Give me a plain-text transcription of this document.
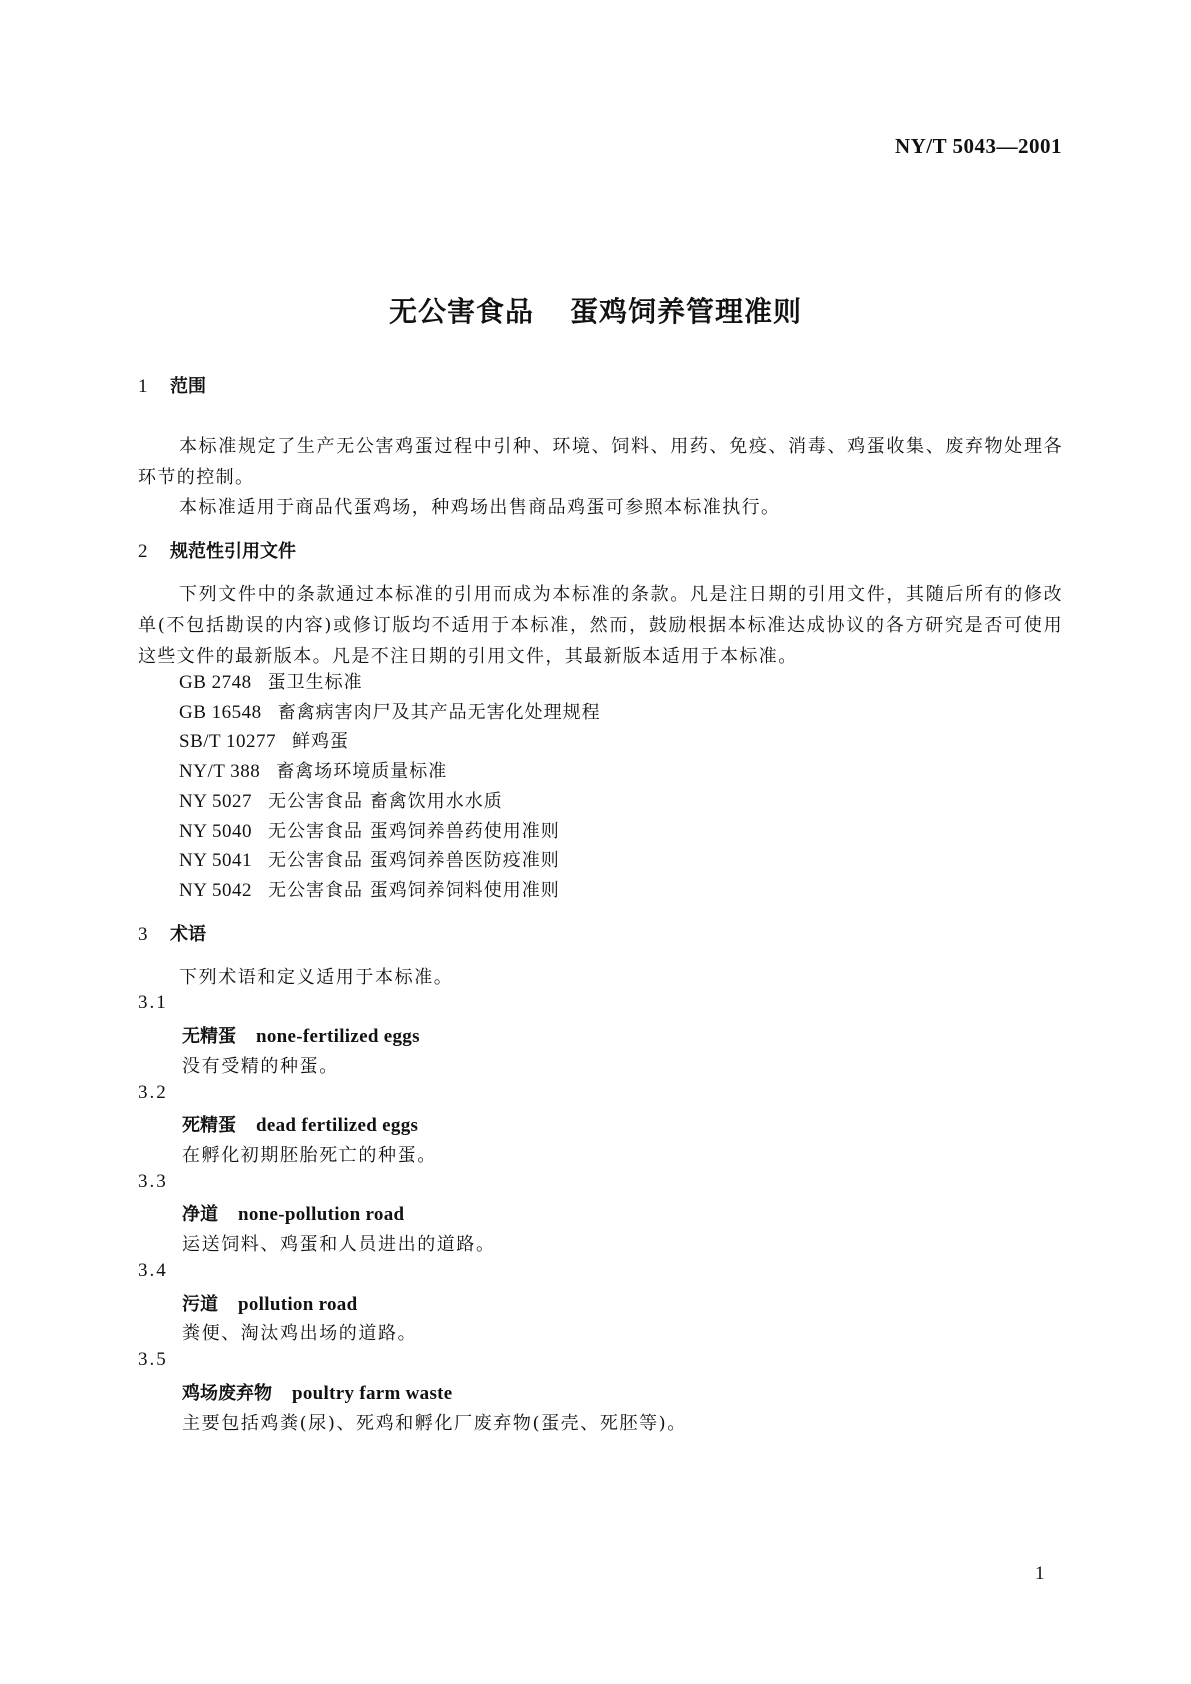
NY/T 5043—2001
无公害食品 蛋鸡饲养管理准则
1 范围
本标准规定了生产无公害鸡蛋过程中引种、环境、饲料、用药、免疫、消毒、鸡蛋收集、废弃物处理各环节的控制。
本标准适用于商品代蛋鸡场，种鸡场出售商品鸡蛋可参照本标准执行。
2 规范性引用文件
下列文件中的条款通过本标准的引用而成为本标准的条款。凡是注日期的引用文件，其随后所有的修改单(不包括勘误的内容)或修订版均不适用于本标准，然而，鼓励根据本标准达成协议的各方研究是否可使用这些文件的最新版本。凡是不注日期的引用文件，其最新版本适用于本标准。
GB 2748 蛋卫生标准
GB 16548 畜禽病害肉尸及其产品无害化处理规程
SB/T 10277 鲜鸡蛋
NY/T 388 畜禽场环境质量标准
NY 5027 无公害食品 畜禽饮用水水质
NY 5040 无公害食品 蛋鸡饲养兽药使用准则
NY 5041 无公害食品 蛋鸡饲养兽医防疫准则
NY 5042 无公害食品 蛋鸡饲养饲料使用准则
3 术语
下列术语和定义适用于本标准。
3.1
无精蛋 none-fertilized eggs
没有受精的种蛋。
3.2
死精蛋 dead fertilized eggs
在孵化初期胚胎死亡的种蛋。
3.3
净道 none-pollution road
运送饲料、鸡蛋和人员进出的道路。
3.4
污道 pollution road
粪便、淘汰鸡出场的道路。
3.5
鸡场废弃物 poultry farm waste
主要包括鸡粪(尿)、死鸡和孵化厂废弃物(蛋壳、死胚等)。
1
